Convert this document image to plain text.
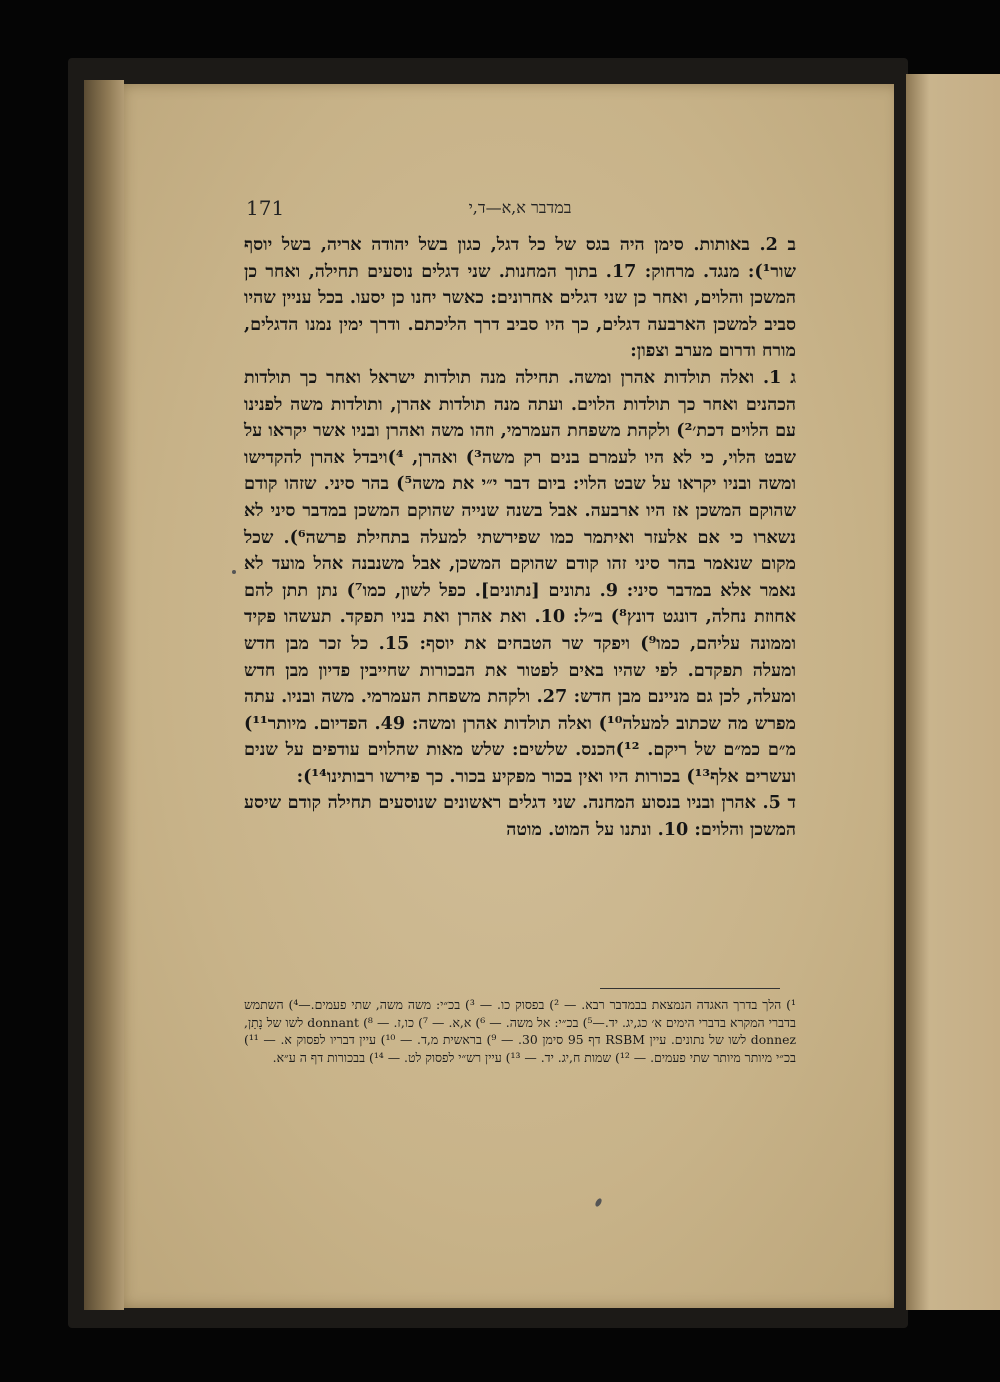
171	במדבר א,א—ד,י

ב 2. באותות. סימן היה בגס של כל דגל, כגון בשל יהודה אריה, בשל יוסף שור¹): מנגד. מרחוק: 17. בתוך המחנות. שני דגלים נוסעים תחילה, ואחר כן המשכן והלוים, ואחר כן שני דגלים אחרונים: כאשר יחנו כן יסעו. בכל עניין שהיו סביב למשכן הארבעה דגלים, כך היו סביב דרך הליכתם. ודרך ימין נמנו הדגלים, מורח ודרום מערב וצפון:

ג 1. ואלה תולדות אהרן ומשה. תחילה מנה תולדות ישראל ואחר כך תולדות הכהנים ואחר כך תולדות הלוים. ועתה מנה תולדות אהרן, ותולדות משה לפנינו עם הלוים דכת׳²) ולקהת משפחת העמרמי, וזהו משה ואהרן ובניו אשר יקראו על שבט הלוי, כי לא היו לעמרם בנים רק משה³) ואהרן, ⁴)ויבדל אהרן להקדישו ומשה ובניו יקראו על שבט הלוי: ביום דבר י״י את משה⁵) בהר סיני. שזהו קודם שהוקם המשכן אז היו ארבעה. אבל בשנה שנייה שהוקם המשכן במדבר סיני לא נשארו כי אם אלעזר ואיתמר כמו שפירשתי למעלה בתחילת פרשה⁶). שכל מקום שנאמר בהר סיני זהו קודם שהוקם המשכן, אבל משנבנה אהל מועד לא נאמר אלא במדבר סיני: 9. נתונים [נתונים]. כפל לשון, כמו⁷) נתן תתן להם אחוזת נחלה, דונגט דונץ⁸) ב״ל: 10. ואת אהרן ואת בניו תפקד. תעשהו פקיד וממונה עליהם, כמו⁹) ויפקד שר הטבחים את יוסף: 15. כל זכר מבן חדש ומעלה תפקדם. לפי שהיו באים לפטור את הבכורות שחייבין פדיון מבן חדש ומעלה, לכן גם מניינם מבן חדש: 27. ולקהת משפחת העמרמי. משה ובניו. עתה מפרש מה שכתוב למעלה¹⁰) ואלה תולדות אהרן ומשה: 49. הפדיום. מיותר¹¹) מ״ם כמ״ם של ריקם. ¹²)הכנס. שלשים: שלש מאות שהלוים עודפים על שנים ועשרים אלף¹³) בכורות היו ואין בכור מפקיע בכור. כך פירשו רבותינו¹⁴):

ד 5. אהרן ובניו בנסוע המחנה. שני דגלים ראשונים שנוסעים תחילה קודם שיסע המשכן והלוים: 10. ונתנו על המוט. מוטה

¹) הלך בדרך האגדה הנמצאת בבמדבר רבא. — ²) בפסוק כו. — ³) בכ״י: משה משה, שתי פעמים.—⁴) השתמש בדברי המקרא בדברי הימים א׳ כג,יג. יד.—⁵) בכ״י: אל משה. — ⁶) א,א. — ⁷) כו,ז. — ⁸) donnant לשו של נָתַן, donnez לשו של נתונים. עיין RSBM דף 95 סימן 30. — ⁹) בראשית מ,ד. — ¹⁰) עיין דבריו לפסוק א. — ¹¹) בכ״י מיותר מיותר שתי פעמים. — ¹²) שמות ח,יג. יד. — ¹³) עיין רש״י לפסוק לט. — ¹⁴) בבכורות דף ה ע״א.
